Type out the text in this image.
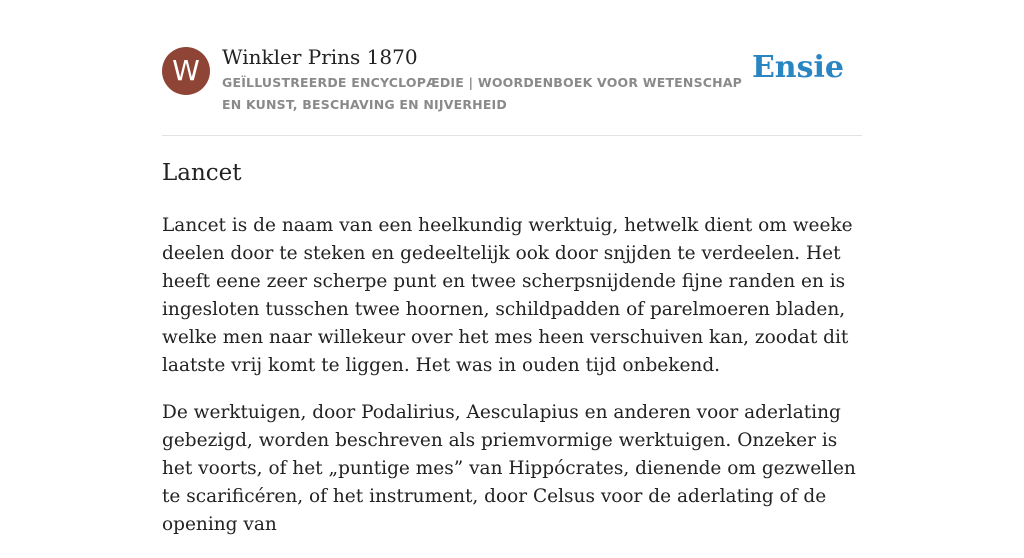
W	Winkler Prins 1870
GEÏLLUSTREERDE ENCYCLOPÆDIE | WOORDENBOEK VOOR WETENSCHAP EN KUNST, BESCHAVING EN NIJVERHEID
Ensie
Lancet

Lancet is de naam van een heelkundig werktuig, hetwelk dient om weeke deelen door te steken en gedeeltelijk ook door snjjden te verdeelen. Het heeft eene zeer scherpe punt en twee scherpsnijdende fijne randen en is ingesloten tusschen twee hoornen, schildpadden of parelmoeren bladen, welke men naar willekeur over het mes heen verschuiven kan, zoodat dit laatste vrij komt te liggen. Het was in ouden tijd onbekend.

De werktuigen, door Podalirius, Aesculapius en anderen voor aderlating gebezigd, worden beschreven als priemvormige werktuigen. Onzeker is het voorts, of het „puntige mes” van Hippócrates, dienende om gezwellen te scarificéren, of het instrument, door Celsus voor de aderlating of de opening van
